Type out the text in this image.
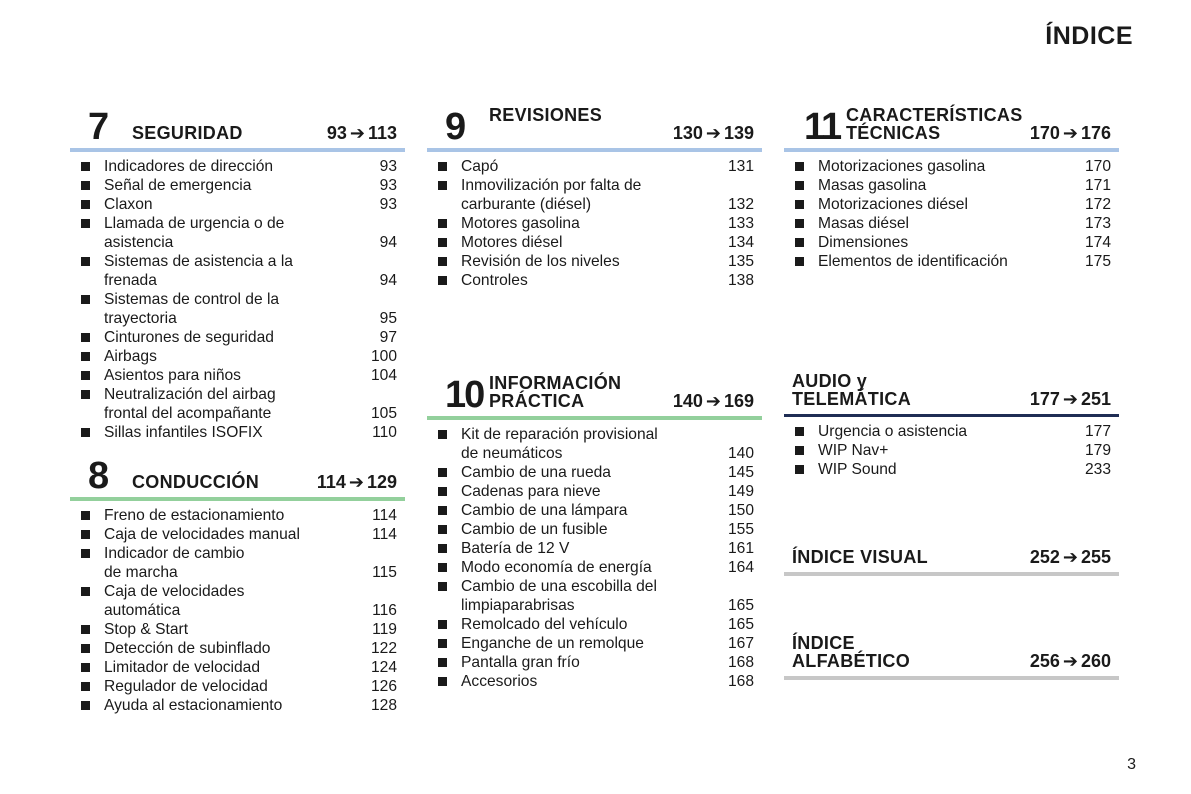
ÍNDICE
7 SEGURIDAD	93 ➔ 113
Indicadores de dirección	93
Señal de emergencia	93
Claxon	93
Llamada de urgencia o de
asistencia	94
Sistemas de asistencia a la
frenada	94
Sistemas de control de la
trayectoria	95
Cinturones de seguridad	97
Airbags	100
Asientos para niños	104
Neutralización del airbag
frontal del acompañante	105
Sillas infantiles ISOFIX	110
8 CONDUCCIÓN	114 ➔ 129
Freno de estacionamiento	114
Caja de velocidades manual	114
Indicador de cambio
de marcha	115
Caja de velocidades
automática	116
Stop & Start	119
Detección de subinflado	122
Limitador de velocidad	124
Regulador de velocidad	126
Ayuda al estacionamiento	128
9 REVISIONES
130 ➔ 139
Capó	131
Inmovilización por falta de
carburante (diésel)	132
Motores gasolina	133
Motores diésel	134
Revisión de los niveles	135
Controles	138
10 INFORMACIÓN
PRÁCTICA	140 ➔ 169
Kit de reparación provisional
de neumáticos	140
Cambio de una rueda	145
Cadenas para nieve	149
Cambio de una lámpara	150
Cambio de un fusible	155
Batería de 12 V	161
Modo economía de energía	164
Cambio de una escobilla del
limpiaparabrisas	165
Remolcado del vehículo	165
Enganche de un remolque	167
Pantalla gran frío	168
Accesorios	168
11 CARACTERÍSTICAS
TÉCNICAS	170 ➔ 176
Motorizaciones gasolina	170
Masas gasolina	171
Motorizaciones diésel	172
Masas diésel	173
Dimensiones	174
Elementos de identificación	175
AUDIO y
TELEMÁTICA	177 ➔ 251
Urgencia o asistencia	177
WIP Nav+	179
WIP Sound	233
ÍNDICE VISUAL	252 ➔ 255
ÍNDICE
ALFABÉTICO	256 ➔ 260
3
